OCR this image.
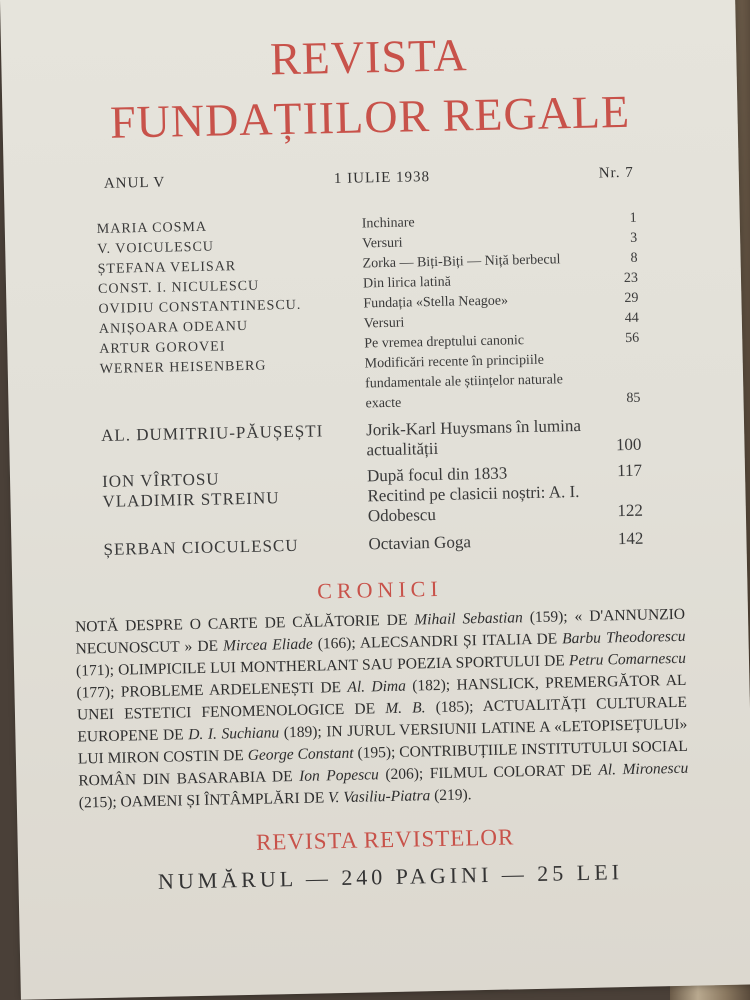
REVISTA
FUNDAȚIILOR REGALE
ANUL V	1 IULIE 1938	Nr. 7
MARIA COSMA	Inchinare	1
V. VOICULESCU	Versuri	3
ȘTEFANA VELISAR	Zorka — Biți-Biți — Niță berbecul	8
CONST. I. NICULESCU	Din lirica latină	23
OVIDIU CONSTANTINESCU.	Fundația «Stella Neagoe»	29
ANIȘOARA ODEANU	Versuri	44
ARTUR GOROVEI	Pe vremea dreptului canonic	56
WERNER HEISENBERG	Modificări recente în principiile fundamentale ale științelor naturale exacte	85
AL. DUMITRIU-PĂUȘEȘTI	Jorik-Karl Huysmans în lumina actualității	100
ION VÎRTOSU	După focul din 1833	117
VLADIMIR STREINU	Recitind pe clasicii noștri: A. I. Odobescu	122
ȘERBAN CIOCULESCU	Octavian Goga	142
CRONICI
NOTĂ DESPRE O CARTE DE CĂLĂTORIE DE Mihail Sebastian (159); « D'ANNUNZIO NECUNOSCUT » DE Mircea Eliade (166); ALECSANDRI ȘI ITALIA DE Barbu Theodorescu (171); OLIMPICILE LUI MONTHERLANT SAU POEZIA SPORTULUI DE Petru Comarnescu (177); PROBLEME ARDELENEȘTI DE Al. Dima (182); HANSLICK, PREMERGĂTOR AL UNEI ESTETICI FENOMENOLOGICE DE M. B. (185); ACTUALITĂȚI CULTURALE EUROPENE DE D. I. Suchianu (189); IN JURUL VERSIUNII LATINE A «LETOPISEȚULUI» LUI MIRON COSTIN DE George Constant (195); CONTRIBUȚIILE INSTITUTULUI SOCIAL ROMÂN DIN BASARABIA DE Ion Popescu (206); FILMUL COLORAT DE Al. Mironescu (215); OAMENI ȘI ÎNTÂMPLĂRI DE V. Vasiliu-Piatra (219).
REVISTA REVISTELOR
NUMĂRUL — 240 PAGINI — 25 LEI
